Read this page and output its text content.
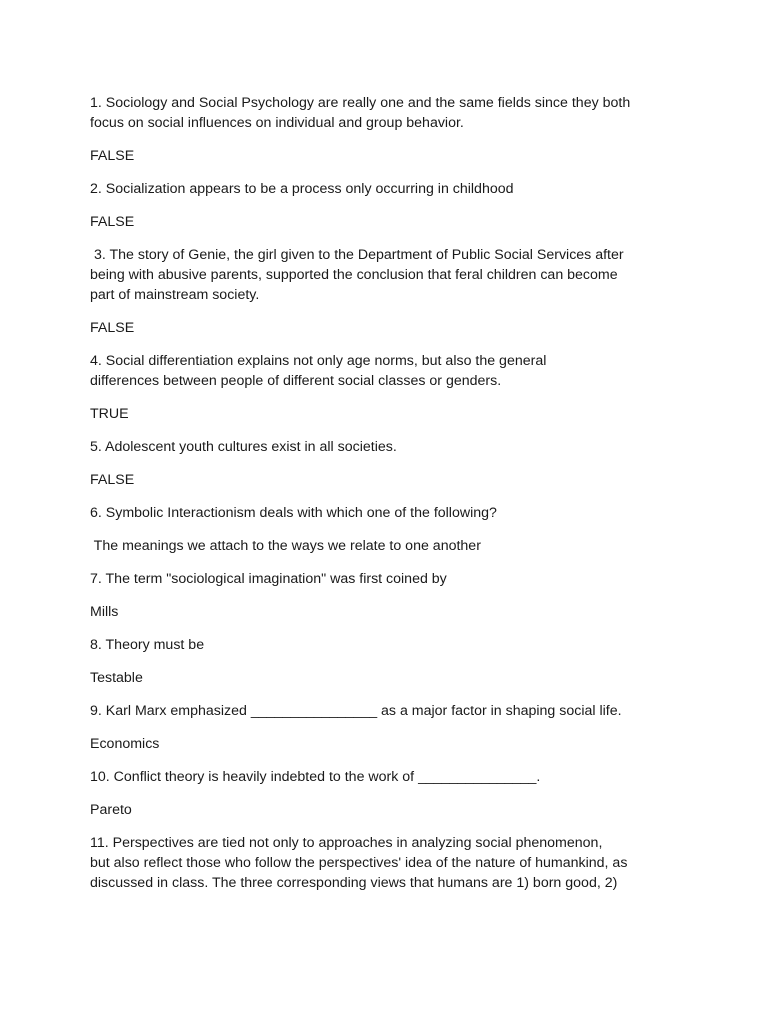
1. Sociology and Social Psychology are really one and the same fields since they both
focus on social influences on individual and group behavior.
FALSE
2. Socialization appears to be a process only occurring in childhood
FALSE
3. The story of Genie, the girl given to the Department of Public Social Services after
being with abusive parents, supported the conclusion that feral children can become
part of mainstream society.
FALSE
4. Social differentiation explains not only age norms, but also the general
differences between people of different social classes or genders.
TRUE
5. Adolescent youth cultures exist in all societies.
FALSE
6. Symbolic Interactionism deals with which one of the following?
The meanings we attach to the ways we relate to one another
7. The term "sociological imagination" was first coined by
Mills
8. Theory must be
Testable
9. Karl Marx emphasized ________________ as a major factor in shaping social life.
Economics
10. Conflict theory is heavily indebted to the work of _______________.
Pareto
11. Perspectives are tied not only to approaches in analyzing social phenomenon,
but also reflect those who follow the perspectives' idea of the nature of humankind, as
discussed in class. The three corresponding views that humans are 1) born good, 2)
